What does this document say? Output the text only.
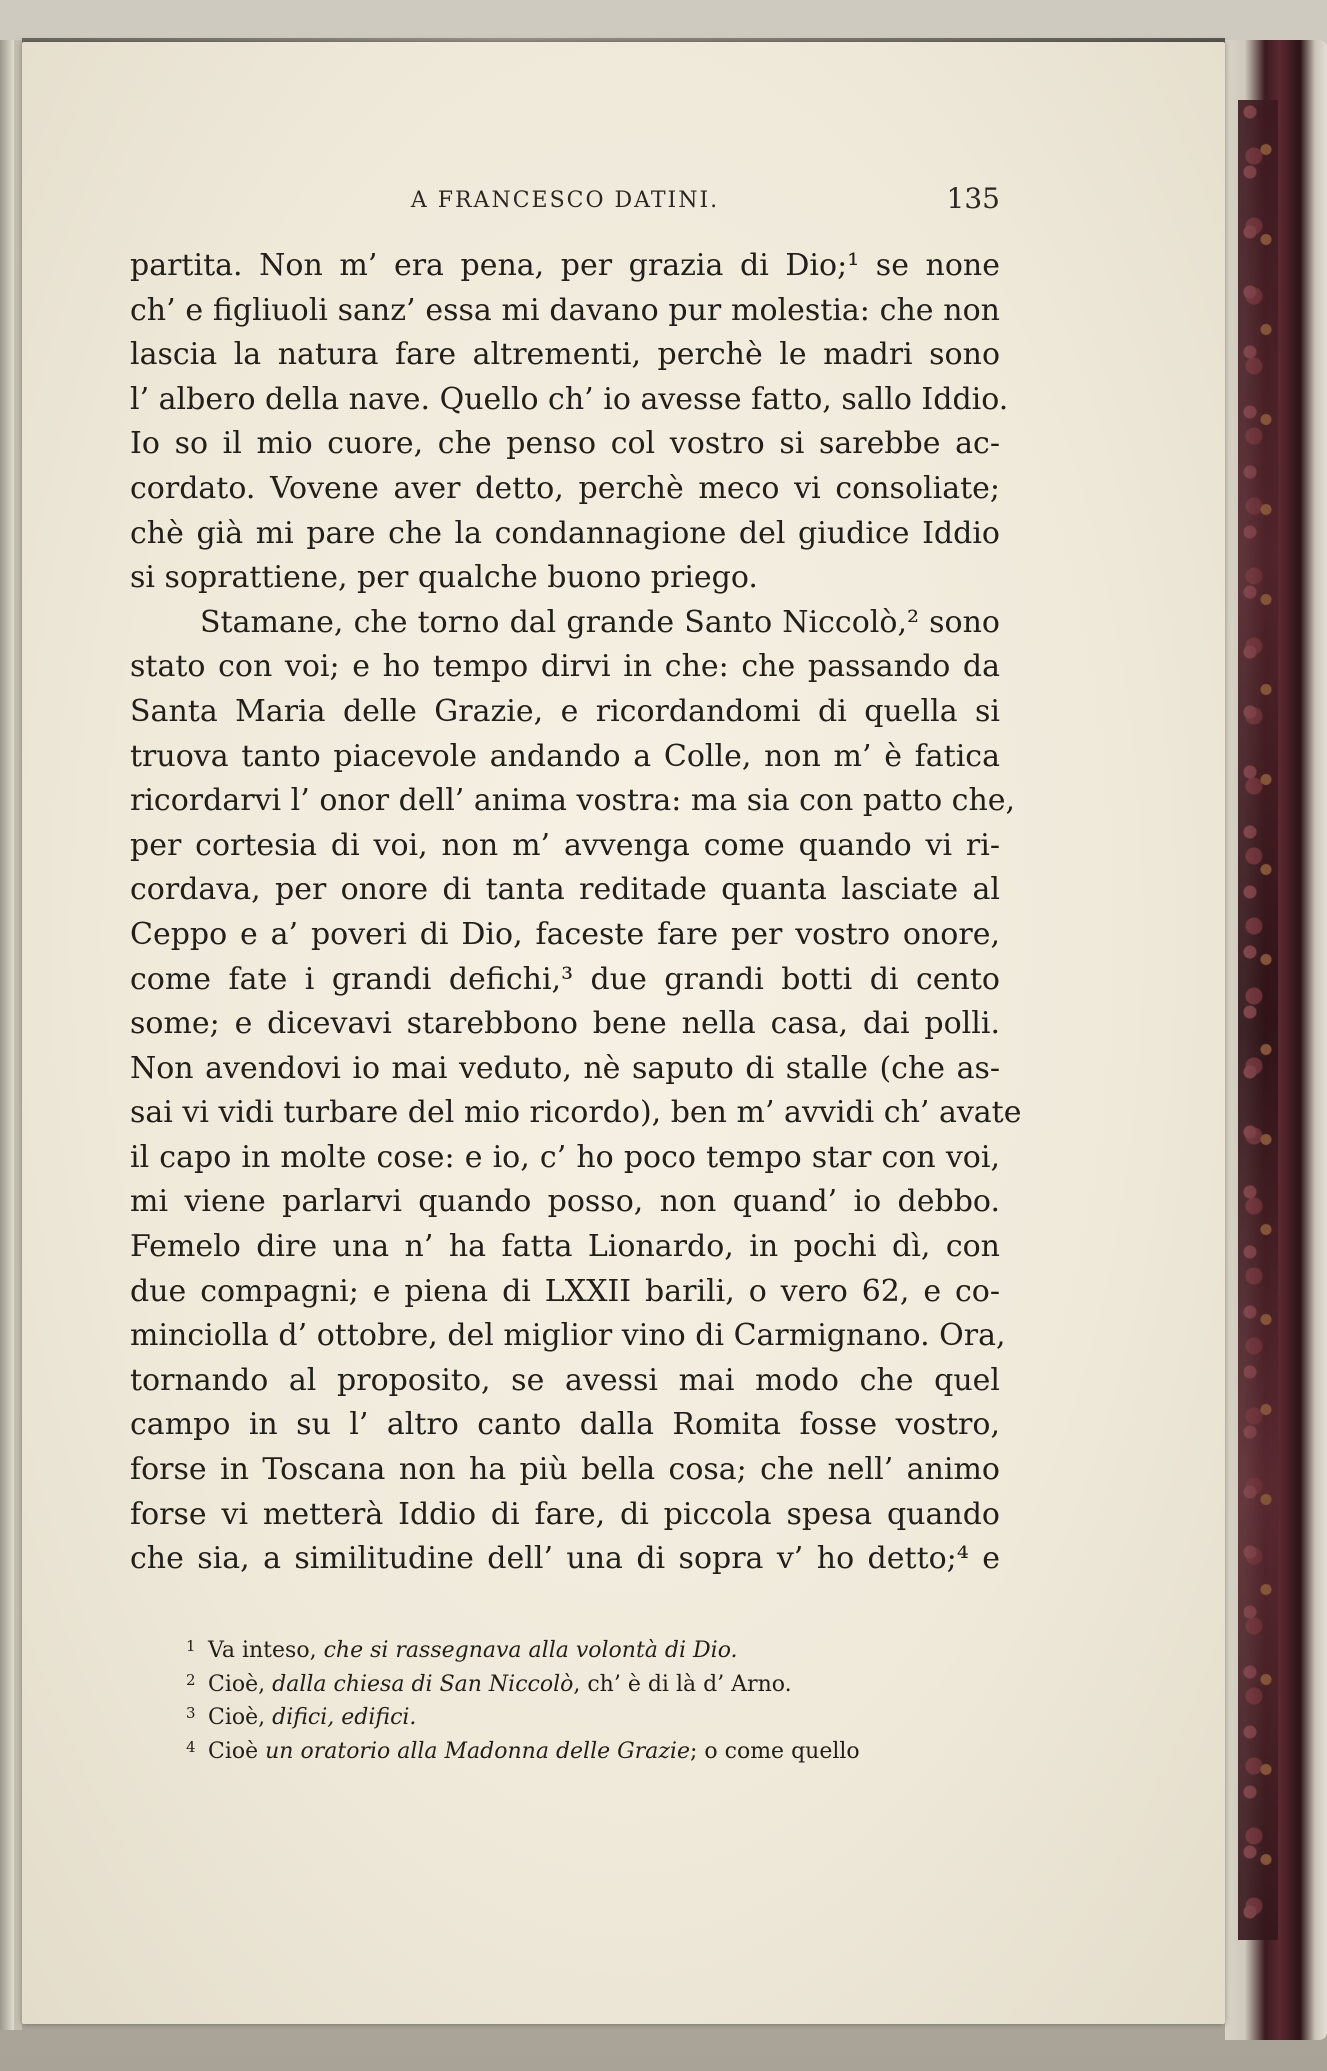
A FRANCESCO DATINI.	135
partita. Non m’ era pena, per grazia di Dio;¹ se none
ch’ e figliuoli sanz’ essa mi davano pur molestia: che non
lascia la natura fare altrementi, perchè le madri sono
l’ albero della nave. Quello ch’ io avesse fatto, sallo Iddio.
Io so il mio cuore, che penso col vostro si sarebbe ac-
cordato. Vovene aver detto, perchè meco vi consoliate;
chè già mi pare che la condannagione del giudice Iddio
si soprattiene, per qualche buono priego.
Stamane, che torno dal grande Santo Niccolò,² sono
stato con voi; e ho tempo dirvi in che: che passando da
Santa Maria delle Grazie, e ricordandomi di quella si
truova tanto piacevole andando a Colle, non m’ è fatica
ricordarvi l’ onor dell’ anima vostra: ma sia con patto che,
per cortesia di voi, non m’ avvenga come quando vi ri-
cordava, per onore di tanta reditade quanta lasciate al
Ceppo e a’ poveri di Dio, faceste fare per vostro onore,
come fate i grandi defichi,³ due grandi botti di cento
some; e dicevavi starebbono bene nella casa, dai polli.
Non avendovi io mai veduto, nè saputo di stalle (che as-
sai vi vidi turbare del mio ricordo), ben m’ avvidi ch’ avate
il capo in molte cose: e io, c’ ho poco tempo star con voi,
mi viene parlarvi quando posso, non quand’ io debbo.
Femelo dire una n’ ha fatta Lionardo, in pochi dì, con
due compagni; e piena di LXXII barili, o vero 62, e co-
minciolla d’ ottobre, del miglior vino di Carmignano. Ora,
tornando al proposito, se avessi mai modo che quel
campo in su l’ altro canto dalla Romita fosse vostro,
forse in Toscana non ha più bella cosa; che nell’ animo
forse vi metterà Iddio di fare, di piccola spesa quando
che sia, a similitudine dell’ una di sopra v’ ho detto;⁴ e
1 Va inteso, che si rassegnava alla volontà di Dio.
2 Cioè, dalla chiesa di San Niccolò, ch’ è di là d’ Arno.
3 Cioè, difici, edifici.
4 Cioè un oratorio alla Madonna delle Grazie; o come quello
